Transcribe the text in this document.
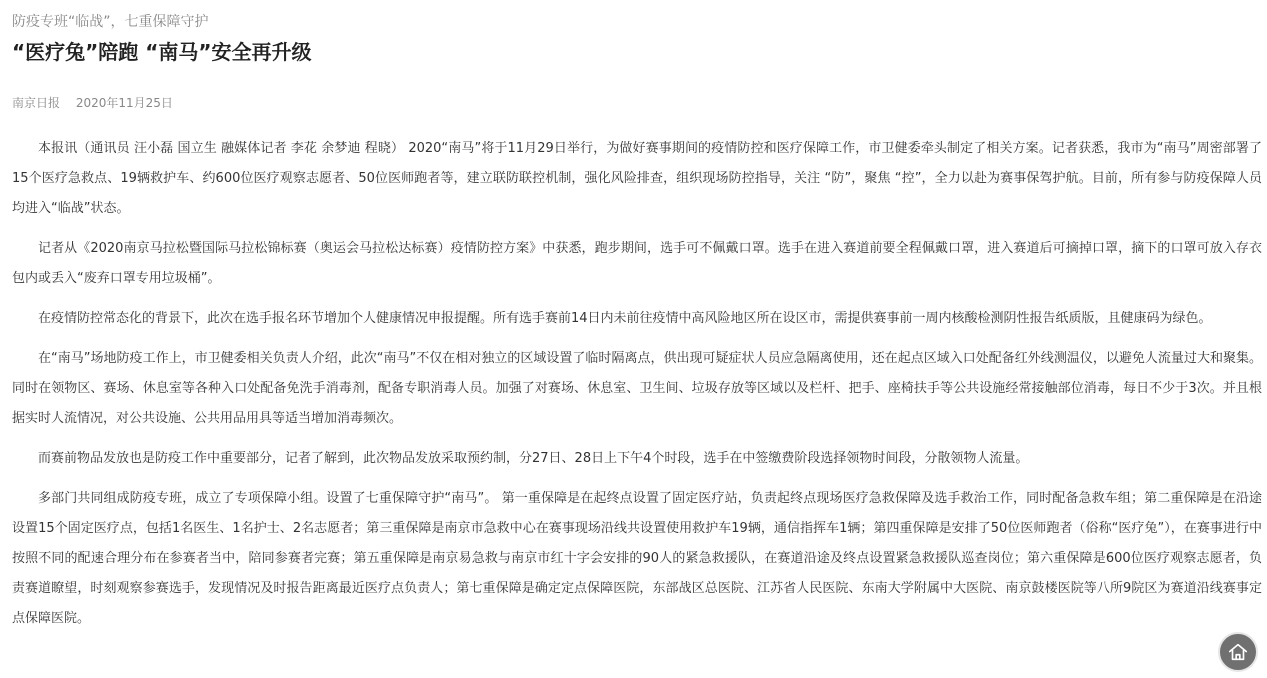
防疫专班“临战”，七重保障守护
“医疗兔”陪跑 “南马”安全再升级
南京日报 2020年11月25日

本报讯（通讯员 汪小磊 国立生 融媒体记者 李花 余梦迪 程晓） 2020“南马”将于11月29日举行，为做好赛事期间的疫情防控和医疗保障工作，市卫健委牵头制定了相关方案。记者获悉，我市为“南马”周密部署了15个医疗急救点、19辆救护车、约600位医疗观察志愿者、50位医师跑者等，建立联防联控机制，强化风险排查，组织现场防控指导，关注 “防”，聚焦 “控”，全力以赴为赛事保驾护航。目前，所有参与防疫保障人员均进入“临战”状态。

记者从《2020南京马拉松暨国际马拉松锦标赛（奥运会马拉松达标赛）疫情防控方案》中获悉，跑步期间，选手可不佩戴口罩。选手在进入赛道前要全程佩戴口罩，进入赛道后可摘掉口罩，摘下的口罩可放入存衣包内或丢入“废弃口罩专用垃圾桶”。

在疫情防控常态化的背景下，此次在选手报名环节增加个人健康情况申报提醒。所有选手赛前14日内未前往疫情中高风险地区所在设区市，需提供赛事前一周内核酸检测阴性报告纸质版，且健康码为绿色。

在“南马”场地防疫工作上，市卫健委相关负责人介绍，此次“南马”不仅在相对独立的区域设置了临时隔离点，供出现可疑症状人员应急隔离使用，还在起点区域入口处配备红外线测温仪，以避免人流量过大和聚集。同时在领物区、赛场、休息室等各种入口处配备免洗手消毒剂，配备专职消毒人员。加强了对赛场、休息室、卫生间、垃圾存放等区域以及栏杆、把手、座椅扶手等公共设施经常接触部位消毒，每日不少于3次。并且根据实时人流情况，对公共设施、公共用品用具等适当增加消毒频次。

而赛前物品发放也是防疫工作中重要部分，记者了解到，此次物品发放采取预约制，分27日、28日上下午4个时段，选手在中签缴费阶段选择领物时间段，分散领物人流量。

多部门共同组成防疫专班，成立了专项保障小组。设置了七重保障守护“南马”。 第一重保障是在起终点设置了固定医疗站，负责起终点现场医疗急救保障及选手救治工作，同时配备急救车组；第二重保障是在沿途设置15个固定医疗点，包括1名医生、1名护士、2名志愿者；第三重保障是南京市急救中心在赛事现场沿线共设置使用救护车19辆，通信指挥车1辆；第四重保障是安排了50位医师跑者（俗称“医疗兔”），在赛事进行中按照不同的配速合理分布在参赛者当中，陪同参赛者完赛；第五重保障是南京易急救与南京市红十字会安排的90人的紧急救援队，在赛道沿途及终点设置紧急救援队巡查岗位；第六重保障是600位医疗观察志愿者，负责赛道瞭望，时刻观察参赛选手，发现情况及时报告距离最近医疗点负责人；第七重保障是确定定点保障医院，东部战区总医院、江苏省人民医院、东南大学附属中大医院、南京鼓楼医院等八所9院区为赛道沿线赛事定点保障医院。
